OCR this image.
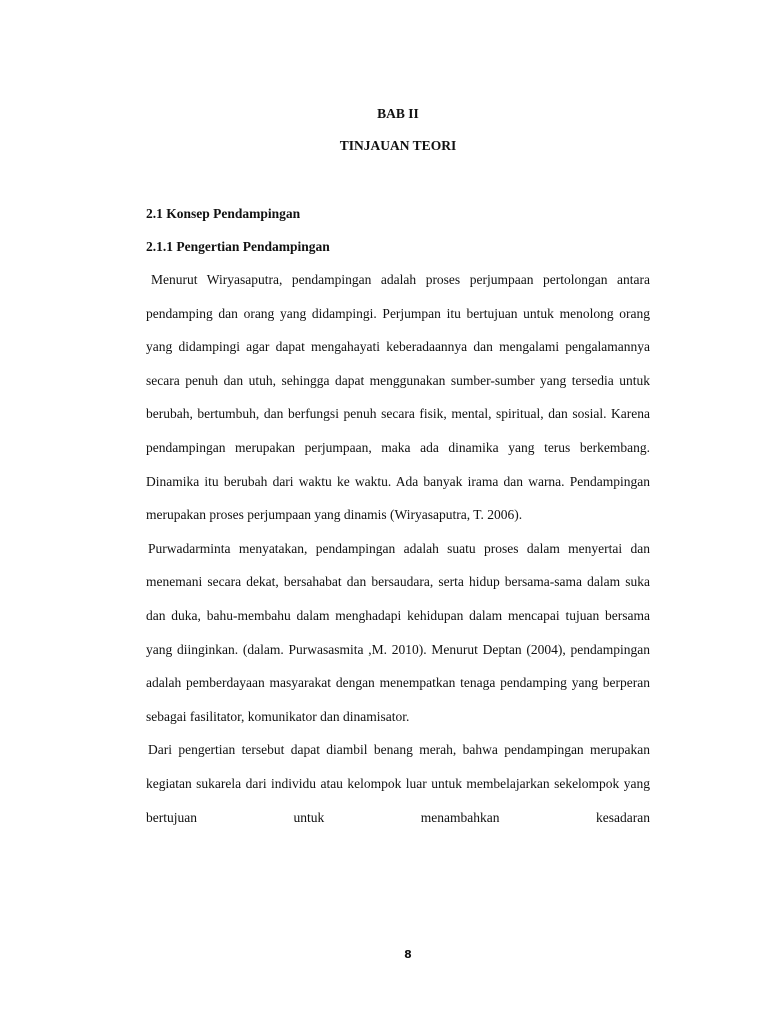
BAB II
TINJAUAN TEORI
2.1 Konsep Pendampingan
2.1.1 Pengertian Pendampingan

Menurut Wiryasaputra, pendampingan adalah proses perjumpaan pertolongan antara pendamping dan orang yang didampingi. Perjumpan itu bertujuan untuk menolong orang yang didampingi agar dapat mengahayati keberadaannya dan mengalami pengalamannya secara penuh dan utuh, sehingga dapat menggunakan sumber-sumber yang tersedia untuk berubah, bertumbuh, dan berfungsi penuh secara fisik, mental, spiritual, dan sosial. Karena pendampingan merupakan perjumpaan, maka ada dinamika yang terus berkembang. Dinamika itu berubah dari waktu ke waktu. Ada banyak irama dan warna. Pendampingan merupakan proses perjumpaan yang dinamis (Wiryasaputra, T. 2006).

Purwadarminta menyatakan, pendampingan adalah suatu proses dalam menyertai dan menemani secara dekat, bersahabat dan bersaudara, serta hidup bersama-sama dalam suka dan duka, bahu-membahu dalam menghadapi kehidupan dalam mencapai tujuan bersama yang diinginkan. (dalam. Purwasasmita ,M. 2010). Menurut Deptan (2004), pendampingan adalah pemberdayaan masyarakat dengan menempatkan tenaga pendamping yang berperan sebagai fasilitator, komunikator dan dinamisator.

Dari pengertian tersebut dapat diambil benang merah, bahwa pendampingan merupakan kegiatan sukarela dari individu atau kelompok luar untuk membelajarkan sekelompok yang bertujuan untuk menambahkan kesadaran

8
